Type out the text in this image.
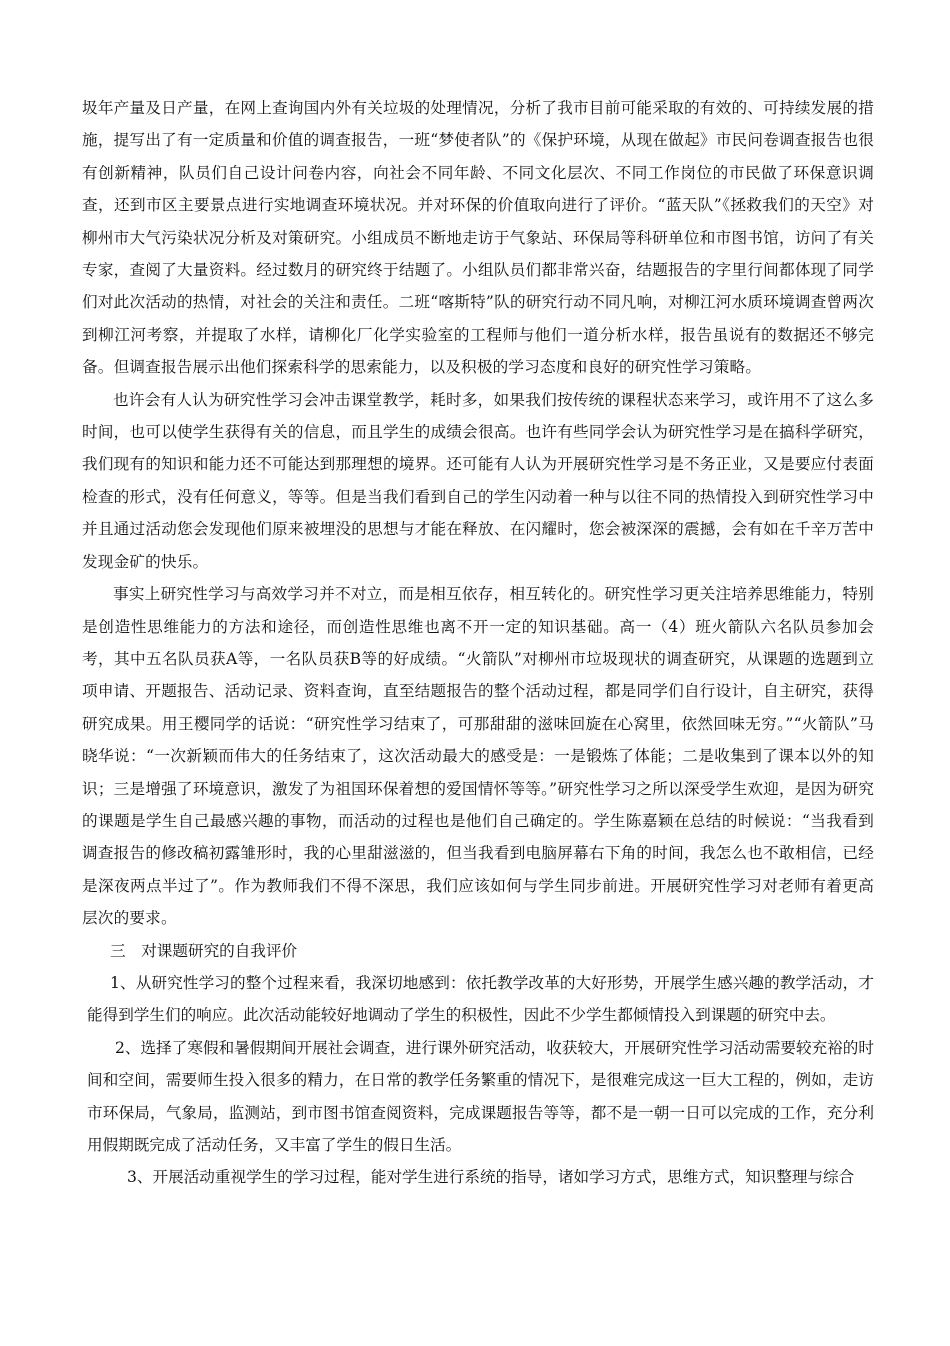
圾年产量及日产量，在网上查询国内外有关垃圾的处理情况，分析了我市目前可能采取的有效的、可持续发展的措施，提写出了有一定质量和价值的调查报告，一班“梦使者队”的《保护环境，从现在做起》市民问卷调查报告也很有创新精神，队员们自己设计问卷内容，向社会不同年龄、不同文化层次、不同工作岗位的市民做了环保意识调查，还到市区主要景点进行实地调查环境状况。并对环保的价值取向进行了评价。“蓝天队”《拯救我们的天空》对柳州市大气污染状况分析及对策研究。小组成员不断地走访于气象站、环保局等科研单位和市图书馆，访问了有关专家，查阅了大量资料。经过数月的研究终于结题了。小组队员们都非常兴奋，结题报告的字里行间都体现了同学们对此次活动的热情，对社会的关注和责任。二班“喀斯特”队的研究行动不同凡响，对柳江河水质环境调查曾两次到柳江河考察，并提取了水样，请柳化厂化学实验室的工程师与他们一道分析水样，报告虽说有的数据还不够完备。但调查报告展示出他们探索科学的思索能力，以及积极的学习态度和良好的研究性学习策略。

也许会有人认为研究性学习会冲击课堂教学，耗时多，如果我们按传统的课程状态来学习，或许用不了这么多时间，也可以使学生获得有关的信息，而且学生的成绩会很高。也许有些同学会认为研究性学习是在搞科学研究，我们现有的知识和能力还不可能达到那理想的境界。还可能有人认为开展研究性学习是不务正业，又是要应付表面检查的形式，没有任何意义，等等。但是当我们看到自己的学生闪动着一种与以往不同的热情投入到研究性学习中并且通过活动您会发现他们原来被埋没的思想与才能在释放、在闪耀时，您会被深深的震撼，会有如在千辛万苦中发现金矿的快乐。

事实上研究性学习与高效学习并不对立，而是相互依存，相互转化的。研究性学习更关注培养思维能力，特别是创造性思维能力的方法和途径，而创造性思维也离不开一定的知识基础。高一（4）班火箭队六名队员参加会考，其中五名队员获A等，一名队员获B等的好成绩。“火箭队”对柳州市垃圾现状的调查研究，从课题的选题到立项申请、开题报告、活动记录、资料查询，直至结题报告的整个活动过程，都是同学们自行设计，自主研究，获得研究成果。用王樱同学的话说：“研究性学习结束了，可那甜甜的滋味回旋在心窝里，依然回味无穷。”“火箭队”马晓华说：“一次新颖而伟大的任务结束了，这次活动最大的感受是：一是锻炼了体能；二是收集到了课本以外的知识；三是增强了环境意识，激发了为祖国环保着想的爱国情怀等等。”研究性学习之所以深受学生欢迎，是因为研究的课题是学生自己最感兴趣的事物，而活动的过程也是他们自己确定的。学生陈嘉颖在总结的时候说：“当我看到调查报告的修改稿初露雏形时，我的心里甜滋滋的，但当我看到电脑屏幕右下角的时间，我怎么也不敢相信，已经是深夜两点半过了”。作为教师我们不得不深思，我们应该如何与学生同步前进。开展研究性学习对老师有着更高层次的要求。

三　对课题研究的自我评价

1、从研究性学习的整个过程来看，我深切地感到：依托教学改革的大好形势，开展学生感兴趣的教学活动，才能得到学生们的响应。此次活动能较好地调动了学生的积极性，因此不少学生都倾情投入到课题的研究中去。

2、选择了寒假和暑假期间开展社会调查，进行课外研究活动，收获较大，开展研究性学习活动需要较充裕的时间和空间，需要师生投入很多的精力，在日常的教学任务繁重的情况下，是很难完成这一巨大工程的，例如，走访市环保局，气象局，监测站，到市图书馆查阅资料，完成课题报告等等，都不是一朝一日可以完成的工作，充分利用假期既完成了活动任务，又丰富了学生的假日生活。

3、开展活动重视学生的学习过程，能对学生进行系统的指导，诸如学习方式，思维方式，知识整理与综合
